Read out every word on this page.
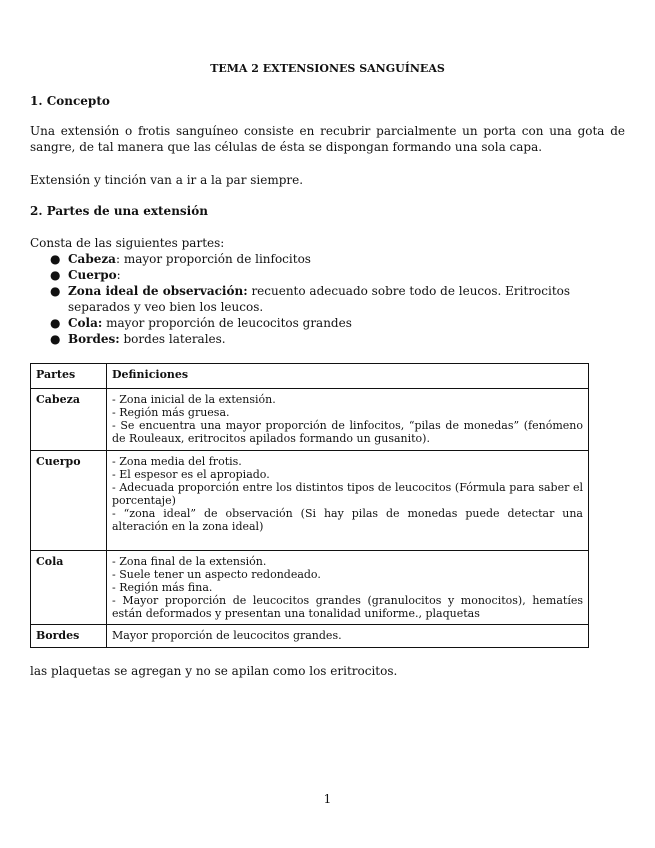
TEMA 2 EXTENSIONES SANGUÍNEAS
1. Concepto
Una extensión o frotis sanguíneo consiste en recubrir parcialmente un porta con una gota de sangre, de tal manera que las células de ésta se dispongan formando una sola capa.
Extensión y tinción van a ir a la par siempre.
2. Partes de una extensión
Consta de las siguientes partes:
● Cabeza: mayor proporción de linfocitos
● Cuerpo:
● Zona ideal de observación: recuento adecuado sobre todo de leucos. Eritrocitos separados y veo bien los leucos.
● Cola: mayor proporción de leucocitos grandes
● Bordes: bordes laterales.
Partes	Definiciones
Cabeza	- Zona inicial de la extensión.
- Región más gruesa.
- Se encuentra una mayor proporción de linfocitos, “pilas de monedas” (fenómeno de Rouleaux, eritrocitos apilados formando un gusanito).

Cuerpo	- Zona media del frotis.
- El espesor es el apropiado.
- Adecuada proporción entre los distintos tipos de leucocitos (Fórmula para saber el porcentaje)
- “zona ideal” de observación (Si hay pilas de monedas puede detectar una alteración en la zona ideal)

Cola	- Zona final de la extensión.
- Suele tener un aspecto redondeado.
- Región más fina.
- Mayor proporción de leucocitos grandes (granulocitos y monocitos), hematíes están deformados y presentan una tonalidad uniforme., plaquetas

Bordes	Mayor proporción de leucocitos grandes.
las plaquetas se agregan y no se apilan como los eritrocitos.
1
